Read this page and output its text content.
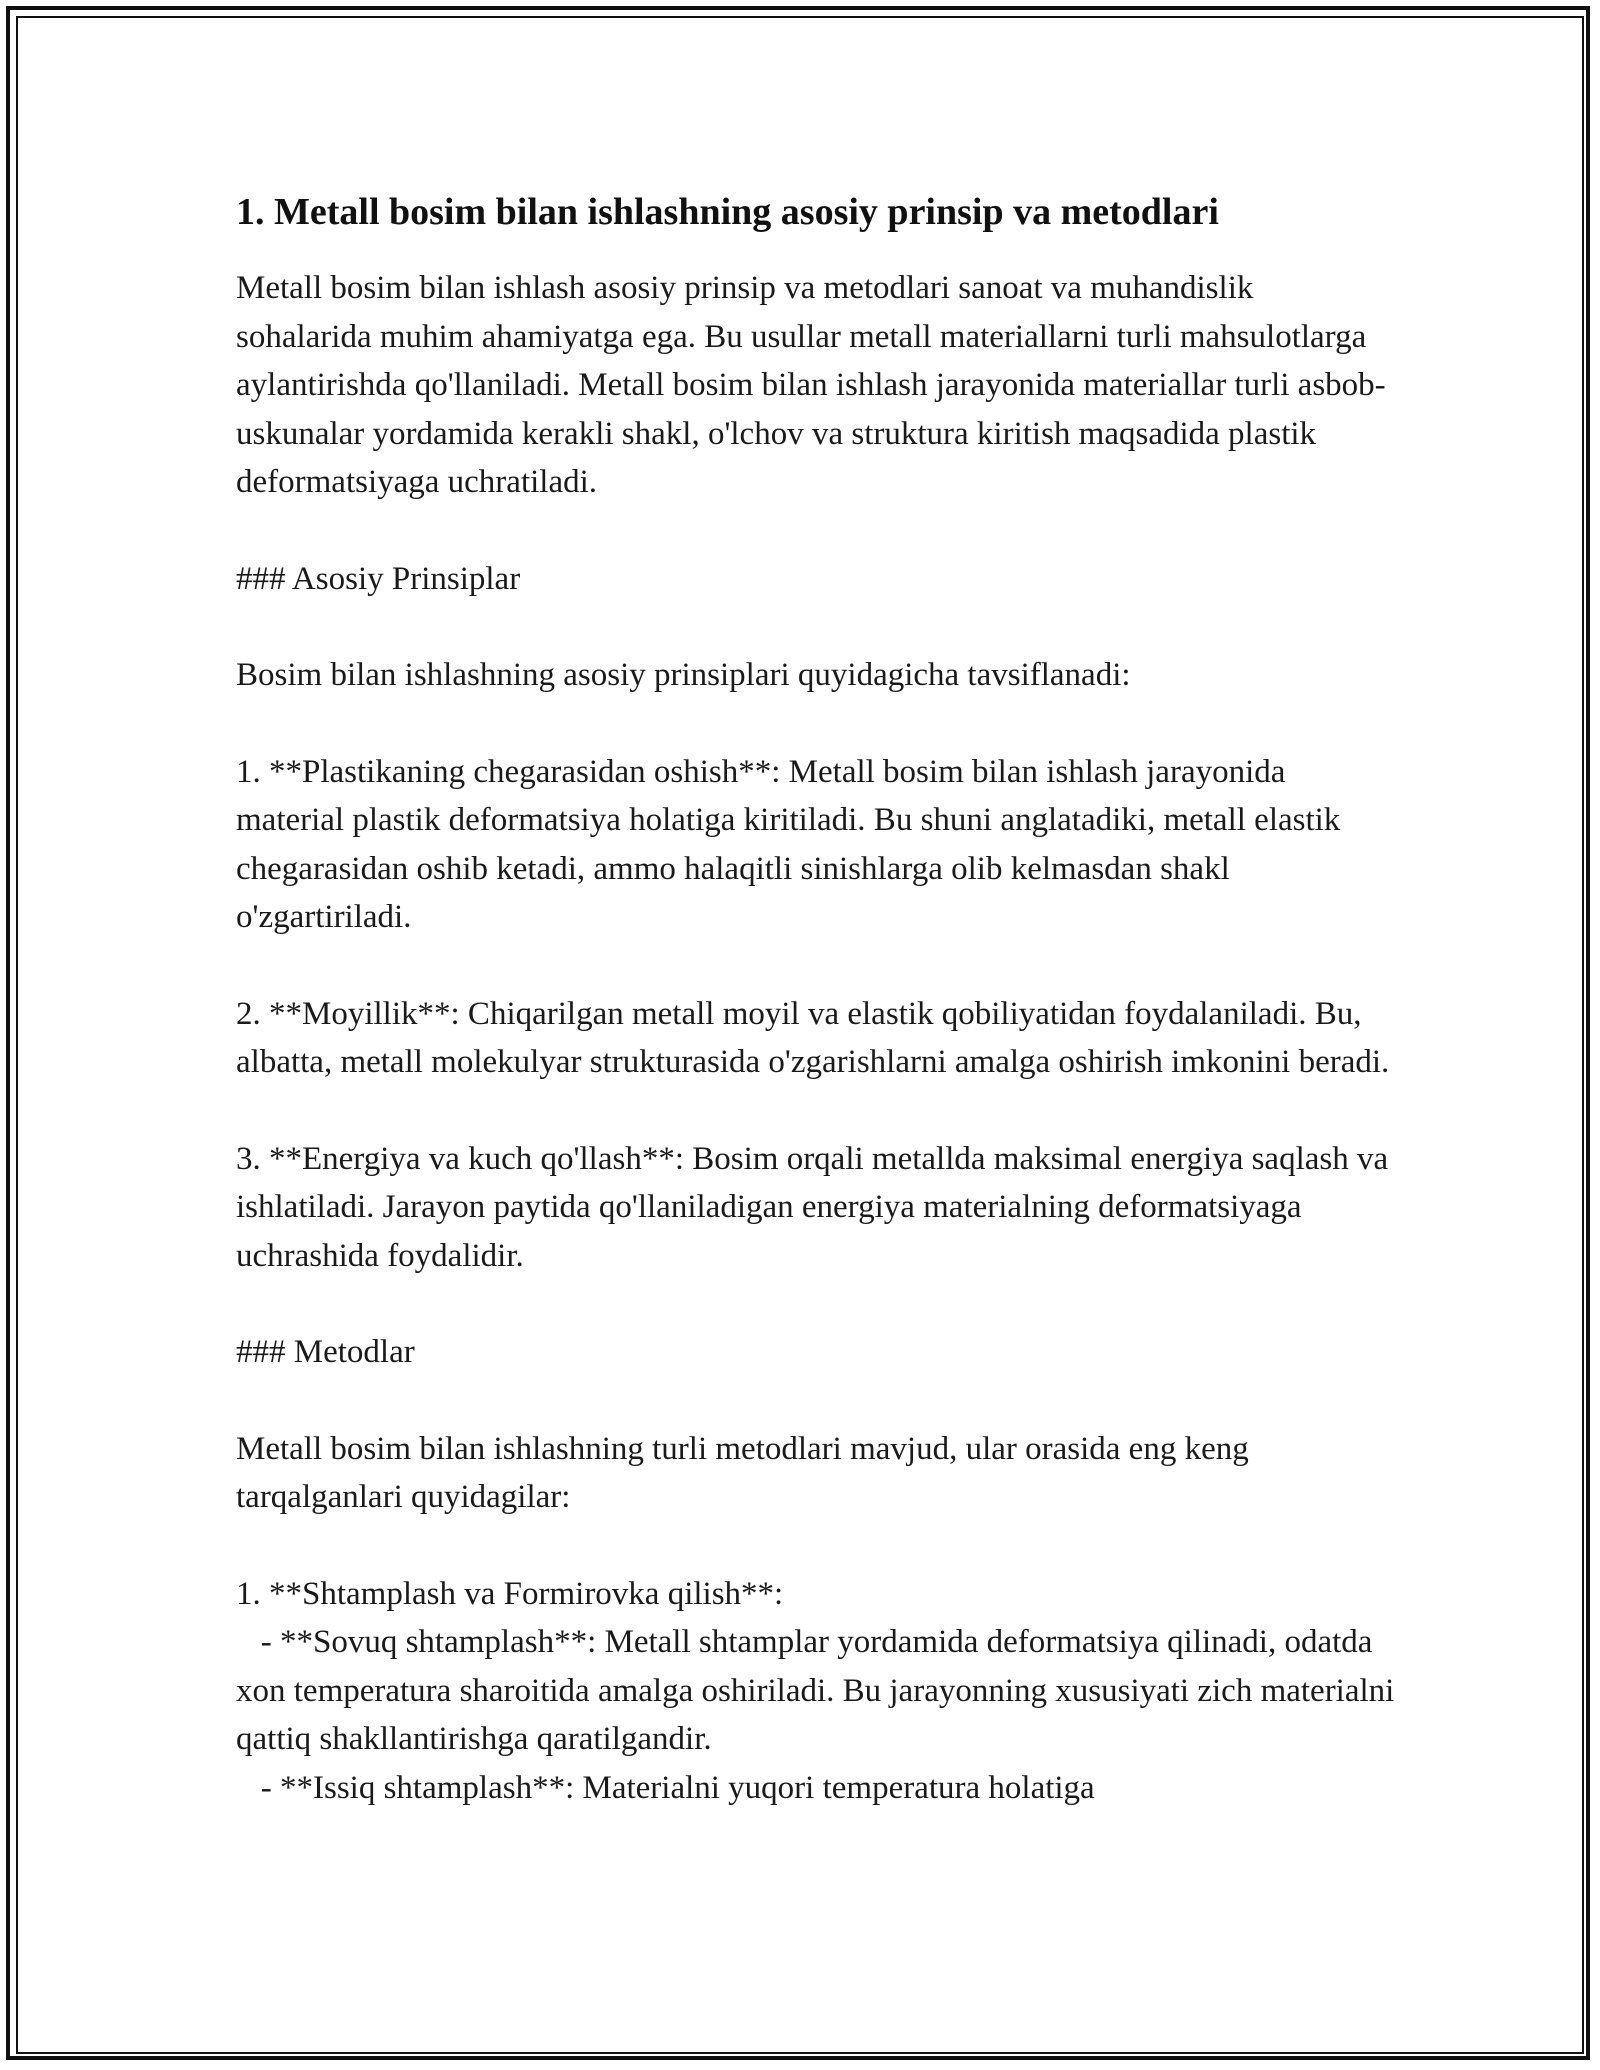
1. Metall bosim bilan ishlashning asosiy prinsip va metodlari

Metall bosim bilan ishlash asosiy prinsip va metodlari sanoat va muhandislik sohalarida muhim ahamiyatga ega. Bu usullar metall materiallarni turli mahsulotlarga aylantirishda qo'llaniladi. Metall bosim bilan ishlash jarayonida materiallar turli asbob-uskunalar yordamida kerakli shakl, o'lchov va struktura kiritish maqsadida plastik deformatsiyaga uchratiladi.

### Asosiy Prinsiplar

Bosim bilan ishlashning asosiy prinsiplari quyidagicha tavsiflanadi:

1. **Plastikaning chegarasidan oshish**: Metall bosim bilan ishlash jarayonida material plastik deformatsiya holatiga kiritiladi. Bu shuni anglatadiki, metall elastik chegarasidan oshib ketadi, ammo halaqitli sinishlarga olib kelmasdan shakl o'zgartiriladi.

2. **Moyillik**: Chiqarilgan metall moyil va elastik qobiliyatidan foydalaniladi. Bu, albatta, metall molekulyar strukturasida o'zgarishlarni amalga oshirish imkonini beradi.

3. **Energiya va kuch qo'llash**: Bosim orqali metallda maksimal energiya saqlash va ishlatiladi. Jarayon paytida qo'llaniladigan energiya materialning deformatsiyaga uchrashida foydalidir.

### Metodlar

Metall bosim bilan ishlashning turli metodlari mavjud, ular orasida eng keng tarqalganlari quyidagilar:

1. **Shtamplash va Formirovka qilish**:

- **Sovuq shtamplash**: Metall shtamplar yordamida deformatsiya qilinadi, odatda xon temperatura sharoitida amalga oshiriladi. Bu jarayonning xususiyati zich materialni qattiq shakllantirishga qaratilgandir.

- **Issiq shtamplash**: Materialni yuqori temperatura holatiga
